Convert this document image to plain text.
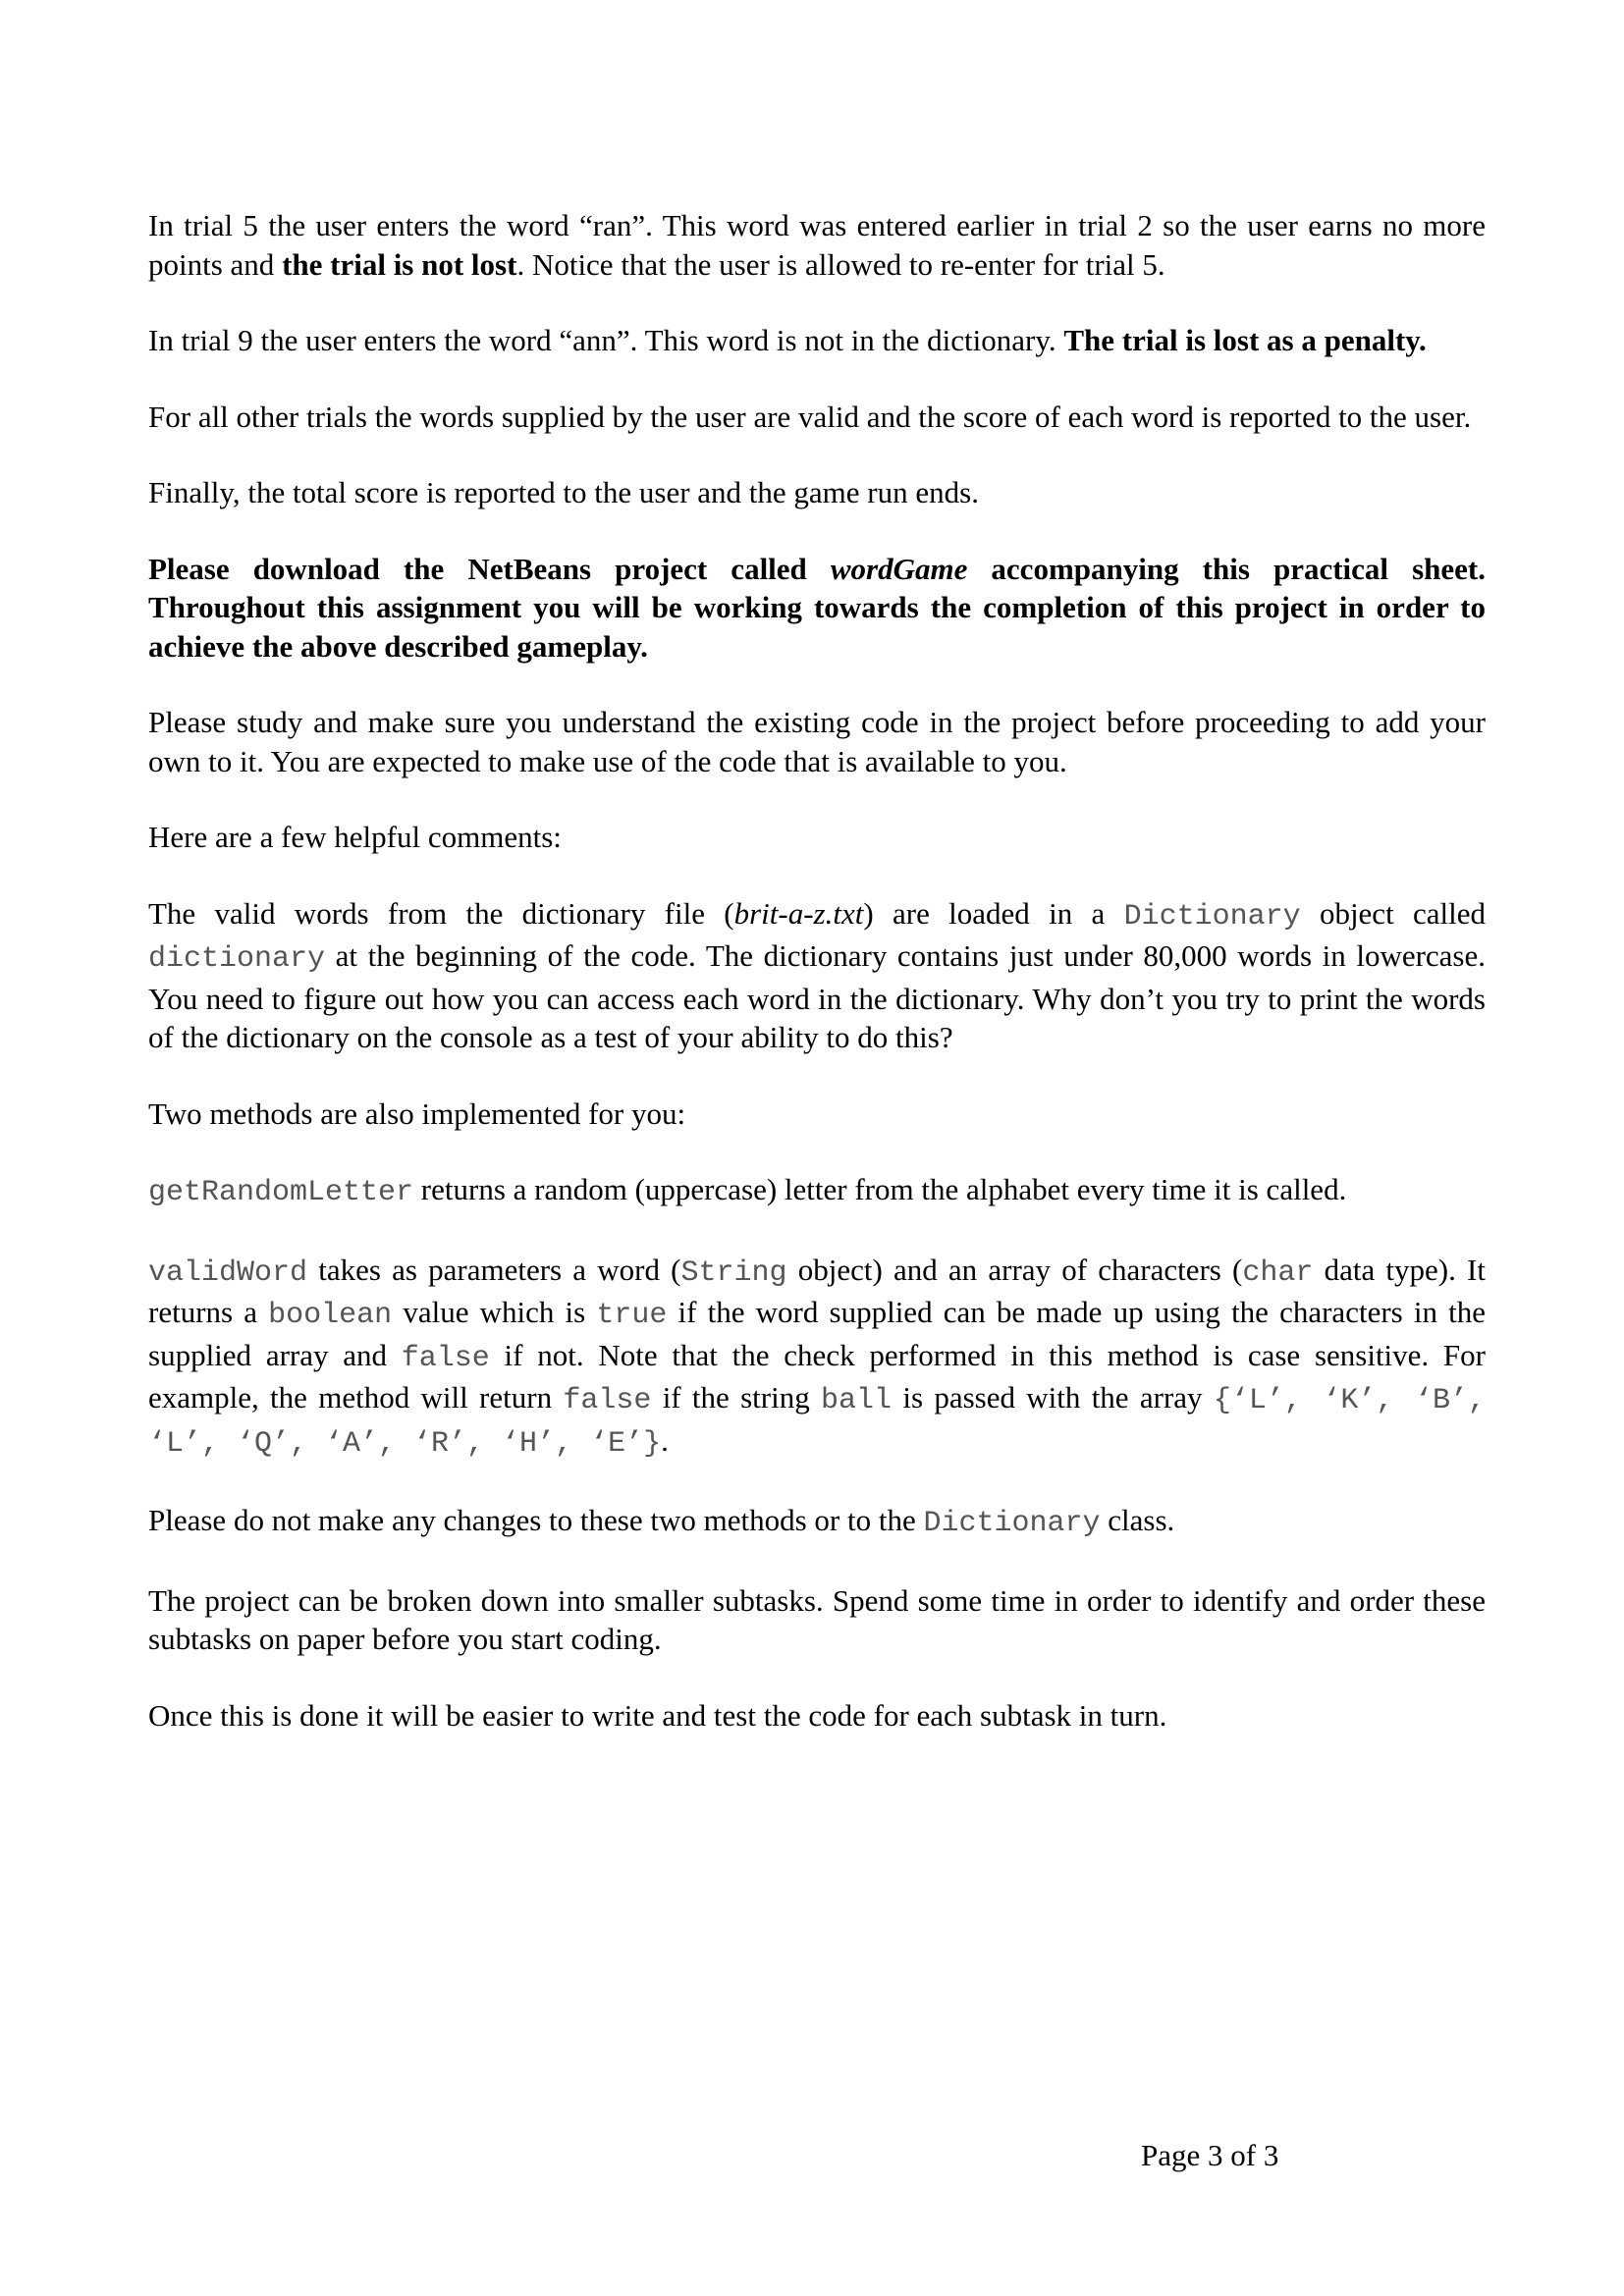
In trial 5 the user enters the word “ran”. This word was entered earlier in trial 2 so the user earns no more points and the trial is not lost. Notice that the user is allowed to re-enter for trial 5.

In trial 9 the user enters the word “ann”. This word is not in the dictionary. The trial is lost as a penalty.

For all other trials the words supplied by the user are valid and the score of each word is reported to the user.

Finally, the total score is reported to the user and the game run ends.

Please download the NetBeans project called wordGame accompanying this practical sheet. Throughout this assignment you will be working towards the completion of this project in order to achieve the above described gameplay.

Please study and make sure you understand the existing code in the project before proceeding to add your own to it. You are expected to make use of the code that is available to you.

Here are a few helpful comments:

The valid words from the dictionary file (brit-a-z.txt) are loaded in a Dictionary object called dictionary at the beginning of the code. The dictionary contains just under 80,000 words in lowercase. You need to figure out how you can access each word in the dictionary. Why don’t you try to print the words of the dictionary on the console as a test of your ability to do this?

Two methods are also implemented for you:

getRandomLetter returns a random (uppercase) letter from the alphabet every time it is called.

validWord takes as parameters a word (String object) and an array of characters (char data type). It returns a boolean value which is true if the word supplied can be made up using the characters in the supplied array and false if not. Note that the check performed in this method is case sensitive. For example, the method will return false if the string ball is passed with the array {‘L’, ‘K’, ‘B’, ‘L’, ‘Q’, ‘A’, ‘R’, ‘H’, ‘E’}.

Please do not make any changes to these two methods or to the Dictionary class.

The project can be broken down into smaller subtasks. Spend some time in order to identify and order these subtasks on paper before you start coding.

Once this is done it will be easier to write and test the code for each subtask in turn.

Page 3 of 3
